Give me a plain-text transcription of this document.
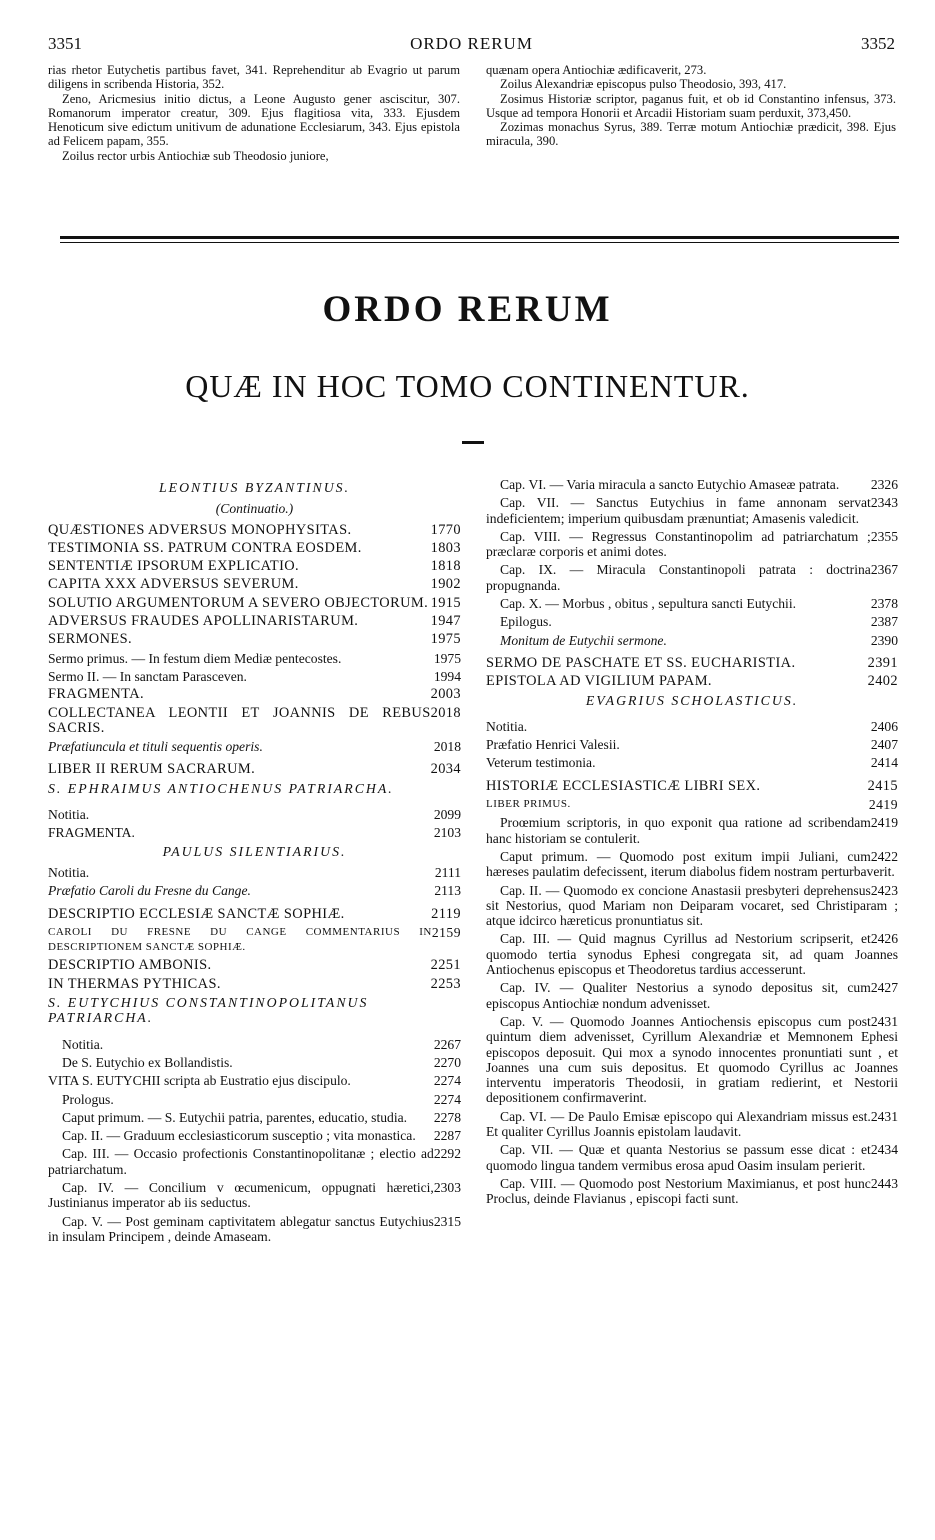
3351	ORDO RERUM	3352

rias rhetor Eutychetis partibus favet, 341. Reprehenditur ab Evagrio ut parum diligens in scribenda Historia, 352.

Zeno, Aricmesius initio dictus, a Leone Augusto gener asciscitur, 307. Romanorum imperator creatur, 309. Ejus flagitiosa vita, 333. Ejusdem Henoticum sive edictum unitivum de adunatione Ecclesiarum, 343. Ejus epistola ad Felicem papam, 355.

Zoilus rector urbis Antiochiæ sub Theodosio juniore,

quænam opera Antiochiæ ædificaverit, 273.

Zoilus Alexandriæ episcopus pulso Theodosio, 393, 417.

Zosimus Historiæ scriptor, paganus fuit, et ob id Constantino infensus, 373. Usque ad tempora Honorii et Arcadii Historiam suam perduxit, 373,450.

Zozimas monachus Syrus, 389. Terræ motum Antiochiæ prædicit, 398. Ejus miracula, 390.

ORDO RERUM
QUÆ IN HOC TOMO CONTINENTUR.
LEONTIUS BYZANTINUS.
(Continuatio.)
1770
QUÆSTIONES ADVERSUS MONOPHYSITAS.
1803
TESTIMONIA SS. PATRUM CONTRA EOSDEM.
1818
SENTENTIÆ IPSORUM EXPLICATIO.
1902
CAPITA XXX ADVERSUS SEVERUM.
1915
SOLUTIO ARGUMENTORUM A SEVERO OBJECTORUM.
1947
ADVERSUS FRAUDES APOLLINARISTARUM.
1975
SERMONES.
1975
Sermo primus. — In festum diem Mediæ pentecostes.
1994
Sermo II. — In sanctam Parasceven.
2003
FRAGMENTA.
2018
COLLECTANEA LEONTII ET JOANNIS DE REBUS SACRIS.
2018
Præfatiuncula et tituli sequentis operis.
2034
LIBER II RERUM SACRARUM.
S. EPHRAIMUS ANTIOCHENUS PATRIARCHA.
2099
Notitia.
2103
FRAGMENTA.
PAULUS SILENTIARIUS.
2111
Notitia.
2113
Præfatio Caroli du Fresne du Cange.
2119
DESCRIPTIO ECCLESIÆ SANCTÆ SOPHIÆ.
2159
CAROLI DU FRESNE DU CANGE COMMENTARIUS IN DESCRIPTIONEM SANCTÆ SOPHIÆ.
2251
DESCRIPTIO AMBONIS.
2253
IN THERMAS PYTHICAS.
S. EUTYCHIUS CONSTANTINOPOLITANUS PATRIARCHA.
2267
Notitia.
2270
De S. Eutychio ex Bollandistis.
2274
VITA S. EUTYCHII scripta ab Eustratio ejus discipulo.
2274
Prologus.
2278
Caput primum. — S. Eutychii patria, parentes, educatio, studia.
2287
Cap. II. — Graduum ecclesiasticorum susceptio ; vita monastica.
2292
Cap. III. — Occasio profectionis Constantinopolitanæ ; electio ad patriarchatum.
2303
Cap. IV. — Concilium v œcumenicum, oppugnati hæretici, Justinianus imperator ab iis seductus.
2315
Cap. V. — Post geminam captivitatem ablegatur sanctus Eutychius in insulam Principem , deinde Amaseam.
2326
Cap. VI. — Varia miracula a sancto Eutychio Amaseæ patrata.
2343
Cap. VII. — Sanctus Eutychius in fame annonam servat indeficientem; imperium quibusdam prænuntiat; Amasenis valedicit.
2355
Cap. VIII. — Regressus Constantinopolim ad patriarchatum ; præclaræ corporis et animi dotes.
2367
Cap. IX. — Miracula Constantinopoli patrata : doctrina propugnanda.
2378
Cap. X. — Morbus , obitus , sepultura sancti Eutychii.
2387
Epilogus.
2390
Monitum de Eutychii sermone.
2391
SERMO DE PASCHATE ET SS. EUCHARISTIA.
2402
EPISTOLA AD VIGILIUM PAPAM.
EVAGRIUS SCHOLASTICUS.
2406
Notitia.
2407
Præfatio Henrici Valesii.
2414
Veterum testimonia.
2415
HISTORIÆ ECCLESIASTICÆ LIBRI SEX.
2419
LIBER PRIMUS.
2419
Proœmium scriptoris, in quo exponit qua ratione ad scribendam hanc historiam se contulerit.
2422
Caput primum. — Quomodo post exitum impii Juliani, cum hæreses paulatim defecissent, iterum diabolus fidem nostram perturbaverit.
2423
Cap. II. — Quomodo ex concione Anastasii presbyteri deprehensus sit Nestorius, quod Mariam non Deiparam vocaret, sed Christiparam ; atque idcirco hæreticus pronuntiatus sit.
2426
Cap. III. — Quid magnus Cyrillus ad Nestorium scripserit, et quomodo tertia synodus Ephesi congregata sit, ad quam Joannes Antiochenus episcopus et Theodoretus tardius accesserunt.
2427
Cap. IV. — Qualiter Nestorius a synodo depositus sit, cum episcopus Antiochiæ nondum advenisset.
2431
Cap. V. — Quomodo Joannes Antiochensis episcopus cum post quintum diem advenisset, Cyrillum Alexandriæ et Memnonem Ephesi episcopos deposuit. Qui mox a synodo innocentes pronuntiati sunt , et Joannes una cum suis depositus. Et quomodo Cyrillus ac Joannes interventu imperatoris Theodosii, in gratiam redierint, et Nestorii depositionem confirmaverint.
2431
Cap. VI. — De Paulo Emisæ episcopo qui Alexandriam missus est. Et qualiter Cyrillus Joannis epistolam laudavit.
2434
Cap. VII. — Quæ et quanta Nestorius se passum esse dicat : et quomodo lingua tandem vermibus erosa apud Oasim insulam perierit.
2443
Cap. VIII. — Quomodo post Nestorium Maximianus, et post hunc Proclus, deinde Flavianus , episcopi facti sunt.
